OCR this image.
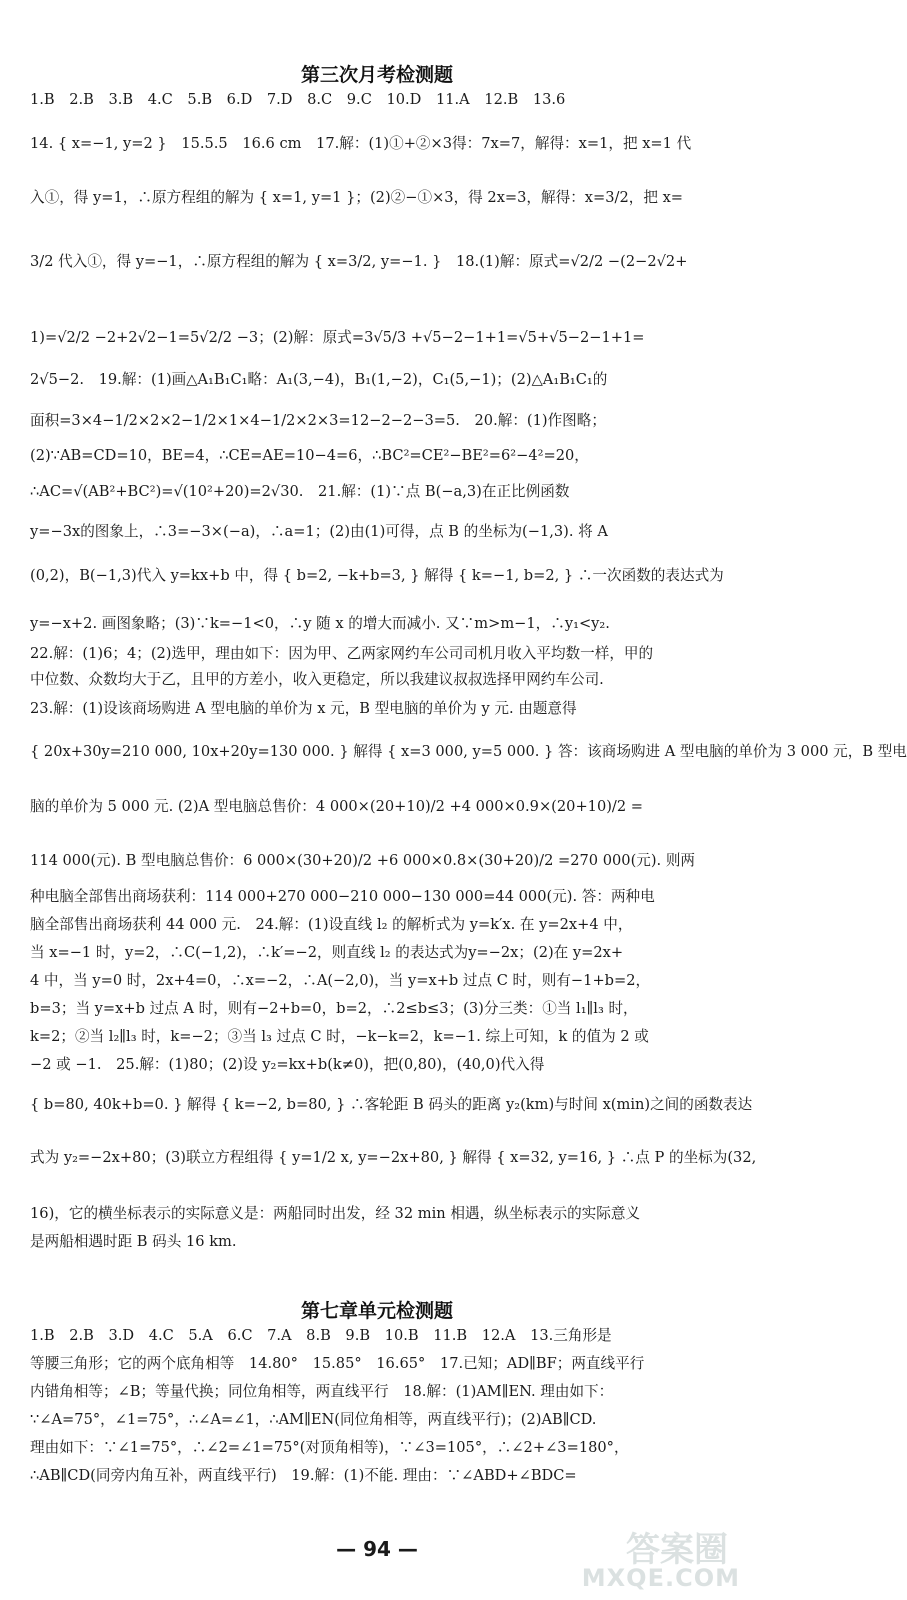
第三次月考检测题
1.B　2.B　3.B　4.C　5.B　6.D　7.D　8.C　9.C　10.D　11.A　12.B　13.6
14. { x=−1, y=2 }　15.5.5　16.6 cm　17.解：(1)①+②×3得：7x=7，解得：x=1，把 x=1 代
入①，得 y=1，∴原方程组的解为 { x=1, y=1 }；(2)②−①×3，得 2x=3，解得：x=3/2，把 x=
3/2 代入①，得 y=−1，∴原方程组的解为 { x=3/2, y=−1. }　18.(1)解：原式=√2/2 −(2−2√2+
1)=√2/2 −2+2√2−1=5√2/2 −3；(2)解：原式=3√5/3 +√5−2−1+1=√5+√5−2−1+1=
2√5−2.　19.解：(1)画△A₁B₁C₁略：A₁(3,−4)，B₁(1,−2)，C₁(5,−1)；(2)△A₁B₁C₁的
面积=3×4−1/2×2×2−1/2×1×4−1/2×2×3=12−2−2−3=5.　20.解：(1)作图略；
(2)∵AB=CD=10，BE=4，∴CE=AE=10−4=6，∴BC²=CE²−BE²=6²−4²=20，
∴AC=√(AB²+BC²)=√(10²+20)=2√30.　21.解：(1)∵点 B(−a,3)在正比例函数
y=−3x的图象上，∴3=−3×(−a)，∴a=1；(2)由(1)可得，点 B 的坐标为(−1,3). 将 A
(0,2)，B(−1,3)代入 y=kx+b 中，得 { b=2, −k+b=3, } 解得 { k=−1, b=2, } ∴一次函数的表达式为
y=−x+2. 画图象略；(3)∵k=−1<0，∴y 随 x 的增大而减小. 又∵m>m−1，∴y₁<y₂.
22.解：(1)6；4；(2)选甲，理由如下：因为甲、乙两家网约车公司司机月收入平均数一样，甲的
中位数、众数均大于乙，且甲的方差小，收入更稳定，所以我建议叔叔选择甲网约车公司.
23.解：(1)设该商场购进 A 型电脑的单价为 x 元，B 型电脑的单价为 y 元. 由题意得
{ 20x+30y=210 000, 10x+20y=130 000. } 解得 { x=3 000, y=5 000. } 答：该商场购进 A 型电脑的单价为 3 000 元，B 型电
脑的单价为 5 000 元. (2)A 型电脑总售价：4 000×(20+10)/2 +4 000×0.9×(20+10)/2 =
114 000(元). B 型电脑总售价：6 000×(30+20)/2 +6 000×0.8×(30+20)/2 =270 000(元). 则两
种电脑全部售出商场获利：114 000+270 000−210 000−130 000=44 000(元). 答：两种电
脑全部售出商场获利 44 000 元.　24.解：(1)设直线 l₂ 的解析式为 y=k′x. 在 y=2x+4 中，
当 x=−1 时，y=2，∴C(−1,2)，∴k′=−2，则直线 l₂ 的表达式为y=−2x；(2)在 y=2x+
4 中，当 y=0 时，2x+4=0，∴x=−2，∴A(−2,0)，当 y=x+b 过点 C 时，则有−1+b=2，
b=3；当 y=x+b 过点 A 时，则有−2+b=0，b=2，∴2≤b≤3；(3)分三类：①当 l₁∥l₃ 时，
k=2；②当 l₂∥l₃ 时，k=−2；③当 l₃ 过点 C 时，−k−k=2，k=−1. 综上可知，k 的值为 2 或
−2 或 −1.　25.解：(1)80；(2)设 y₂=kx+b(k≠0)，把(0,80)，(40,0)代入得
{ b=80, 40k+b=0. } 解得 { k=−2, b=80, } ∴客轮距 B 码头的距离 y₂(km)与时间 x(min)之间的函数表达
式为 y₂=−2x+80；(3)联立方程组得 { y=1/2 x, y=−2x+80, } 解得 { x=32, y=16, } ∴点 P 的坐标为(32,
16)，它的横坐标表示的实际意义是：两船同时出发，经 32 min 相遇，纵坐标表示的实际意义
是两船相遇时距 B 码头 16 km.
第七章单元检测题
1.B　2.B　3.D　4.C　5.A　6.C　7.A　8.B　9.B　10.B　11.B　12.A　13.三角形是
等腰三角形；它的两个底角相等　14.80°　15.85°　16.65°　17.已知；AD∥BF；两直线平行
内错角相等；∠B；等量代换；同位角相等，两直线平行　18.解：(1)AM∥EN. 理由如下：
∵∠A=75°，∠1=75°，∴∠A=∠1，∴AM∥EN(同位角相等，两直线平行)；(2)AB∥CD.
理由如下：∵∠1=75°，∴∠2=∠1=75°(对顶角相等)，∵∠3=105°，∴∠2+∠3=180°，
∴AB∥CD(同旁内角互补，两直线平行)　19.解：(1)不能. 理由：∵∠ABD+∠BDC=
— 94 —	答案圈
MXQE.COM
